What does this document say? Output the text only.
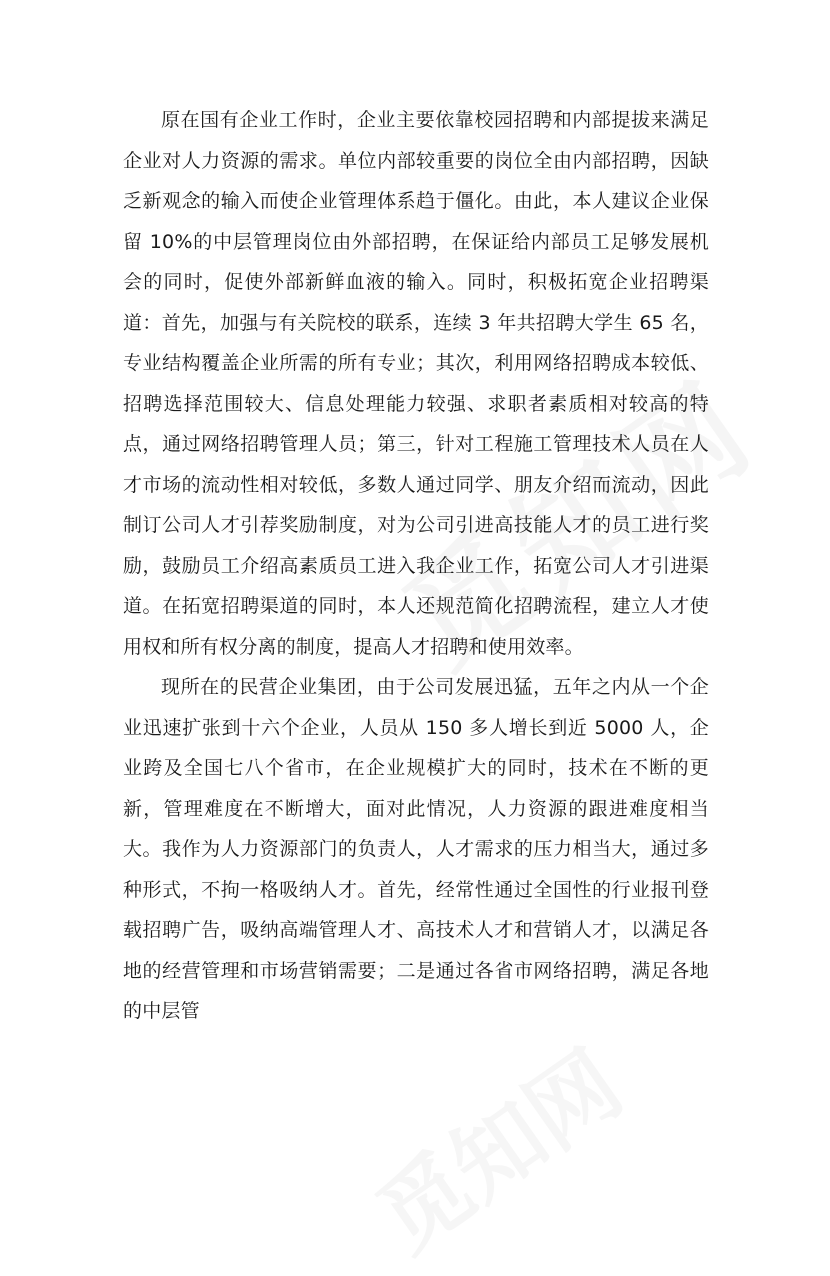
原在国有企业工作时，企业主要依靠校园招聘和内部提拔来满足企业对人力资源的需求。单位内部较重要的岗位全由内部招聘，因缺乏新观念的输入而使企业管理体系趋于僵化。由此，本人建议企业保留 10%的中层管理岗位由外部招聘，在保证给内部员工足够发展机会的同时，促使外部新鲜血液的输入。同时，积极拓宽企业招聘渠道：首先，加强与有关院校的联系，连续 3 年共招聘大学生 65 名，专业结构覆盖企业所需的所有专业；其次，利用网络招聘成本较低、招聘选择范围较大、信息处理能力较强、求职者素质相对较高的特点，通过网络招聘管理人员；第三，针对工程施工管理技术人员在人才市场的流动性相对较低，多数人通过同学、朋友介绍而流动，因此制订公司人才引荐奖励制度，对为公司引进高技能人才的员工进行奖励，鼓励员工介绍高素质员工进入我企业工作，拓宽公司人才引进渠道。在拓宽招聘渠道的同时，本人还规范简化招聘流程，建立人才使用权和所有权分离的制度，提高人才招聘和使用效率。

现所在的民营企业集团，由于公司发展迅猛，五年之内从一个企业迅速扩张到十六个企业，人员从 150 多人增长到近 5000 人，企业跨及全国七八个省市，在企业规模扩大的同时，技术在不断的更新，管理难度在不断增大，面对此情况，人力资源的跟进难度相当大。我作为人力资源部门的负责人，人才需求的压力相当大，通过多种形式，不拘一格吸纳人才。首先，经常性通过全国性的行业报刊登载招聘广告，吸纳高端管理人才、高技术人才和营销人才，以满足各地的经营管理和市场营销需要；二是通过各省市网络招聘，满足各地的中层管
